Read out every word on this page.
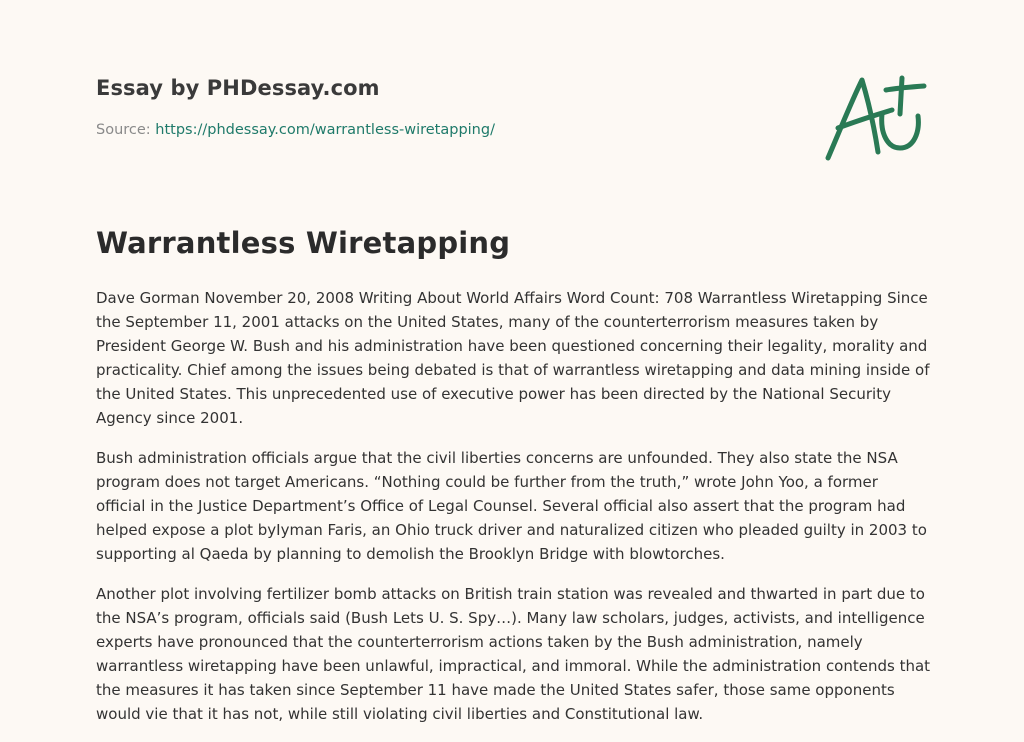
Essay by PHDessay.com
Source: https://phdessay.com/warrantless-wiretapping/
Warrantless Wiretapping

Dave Gorman November 20, 2008 Writing About World Affairs Word Count: 708 Warrantless Wiretapping Since the September 11, 2001 attacks on the United States, many of the counterterrorism measures taken by President George W. Bush and his administration have been questioned concerning their legality, morality and practicality. Chief among the issues being debated is that of warrantless wiretapping and data mining inside of the United States. This unprecedented use of executive power has been directed by the National Security Agency since 2001.

Bush administration officials argue that the civil liberties concerns are unfounded. They also state the NSA program does not target Americans. “Nothing could be further from the truth,” wrote John Yoo, a former official in the Justice Department’s Office of Legal Counsel. Several official also assert that the program had helped expose a plot byIyman Faris, an Ohio truck driver and naturalized citizen who pleaded guilty in 2003 to supporting al Qaeda by planning to demolish the Brooklyn Bridge with blowtorches.

Another plot involving fertilizer bomb attacks on British train station was revealed and thwarted in part due to the NSA’s program, officials said (Bush Lets U. S. Spy…). Many law scholars, judges, activists, and intelligence experts have pronounced that the counterterrorism actions taken by the Bush administration, namely warrantless wiretapping have been unlawful, impractical, and immoral. While the administration contends that the measures it has taken since September 11 have made the United States safer, those same opponents would vie that it has not, while still violating civil liberties and Constitutional law.
